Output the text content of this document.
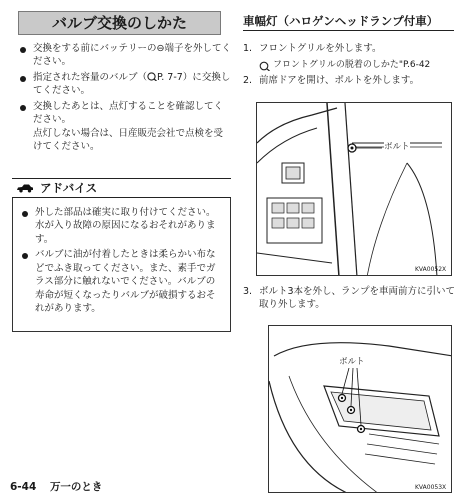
バルブ交換のしかた
交換をする前にバッテリーの⊖端子を外してください。
指定された容量のバルブ（ P. 7-7）に交換してください。
交換したあとは、点灯することを確認してください。
点灯しない場合は、日産販売会社で点検を受けてください。
アドバイス
外した部品は確実に取り付けてください。水が入り故障の原因になるおそれがあります。
バルブに油が付着したときは柔らかい布などでふき取ってください。また、素手でガラス部分に触れないでください。バルブの寿命が短くなったりバルブが破損するおそれがあります。
6-44 万一のとき
車幅灯（ハロゲンヘッドランプ付車）
1. フロントグリルを外します。
フロントグリルの脱着のしかた" P.6-42
2. 前席ドアを開け、ボルトを外します。
ボルト
KVA0052X
3. ボルト3本を外し、ランプを車両前方に引いて取り外します。
ボルト
KVA0053X
